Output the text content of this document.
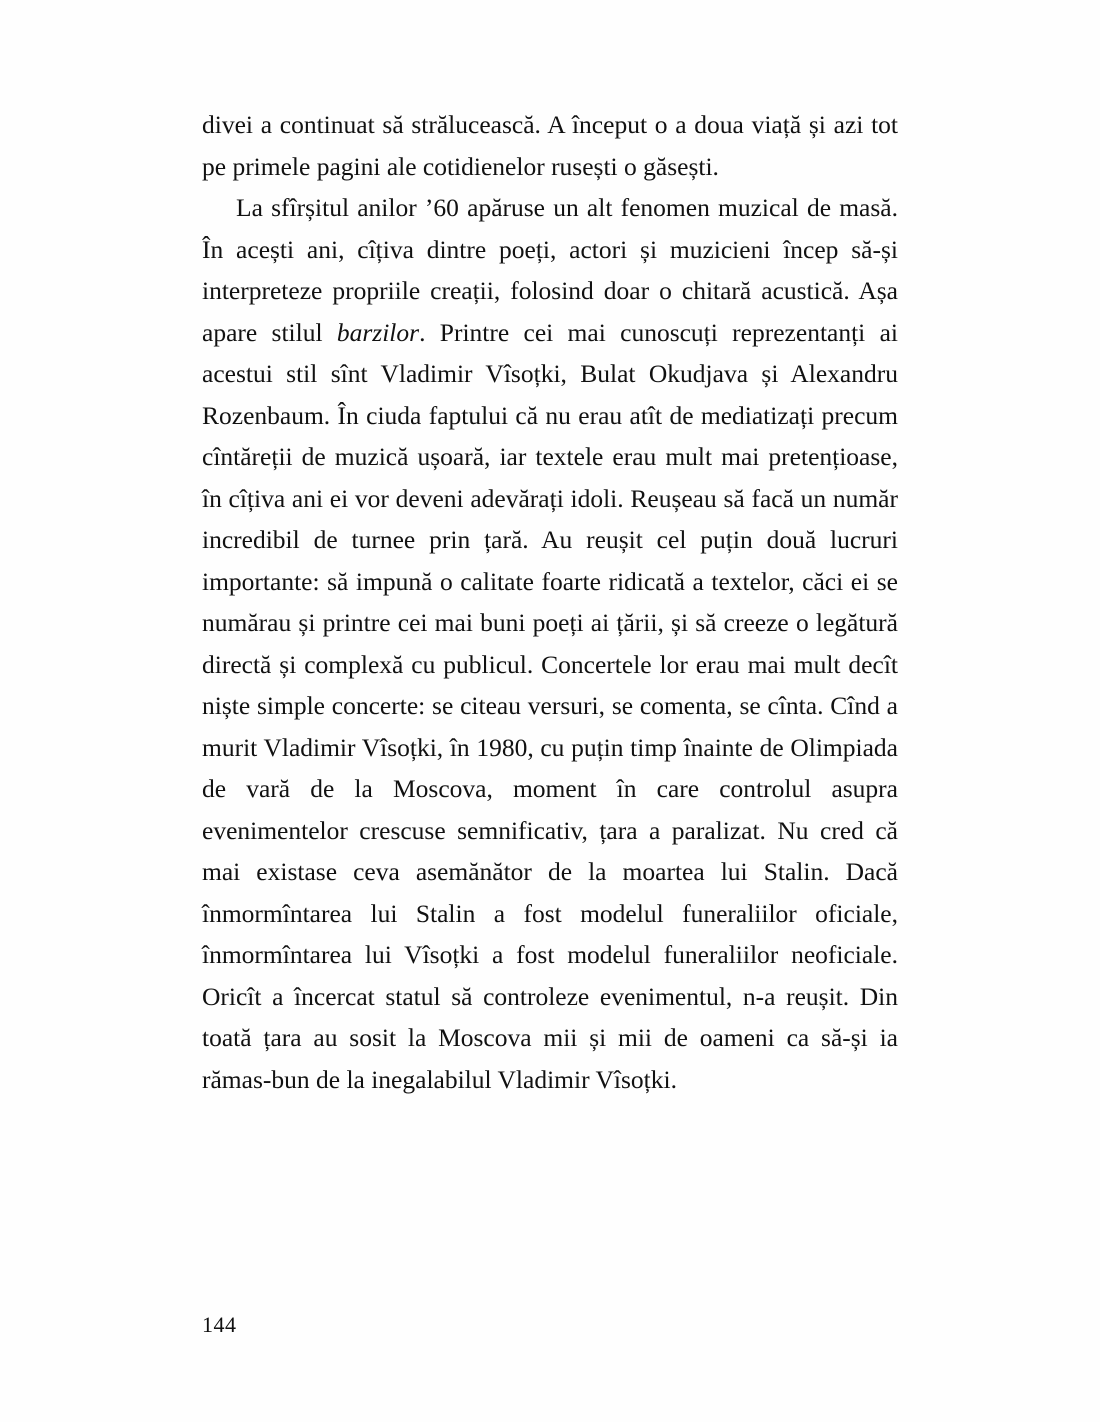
divei a continuat să strălucească. A început o a doua viață și azi tot pe primele pagini ale cotidienelor rusești o găsești.

La sfîrșitul anilor ’60 apăruse un alt fenomen muzical de masă. În acești ani, cîțiva dintre poeți, actori și muzicieni încep să-și interpreteze propriile creații, folosind doar o chitară acustică. Așa apare stilul barzilor. Printre cei mai cunoscuți reprezentanți ai acestui stil sînt Vladimir Vîsoțki, Bulat Okudjava și Alexandru Rozenbaum. În ciuda faptului că nu erau atît de mediatizați precum cîntăreții de muzică ușoară, iar textele erau mult mai pretențioase, în cîțiva ani ei vor deveni adevărați idoli. Reușeau să facă un număr incredibil de turnee prin țară. Au reușit cel puțin două lucruri importante: să impună o calitate foarte ridicată a textelor, căci ei se numărau și printre cei mai buni poeți ai țării, și să creeze o legătură directă și complexă cu publicul. Concertele lor erau mai mult decît niște simple concerte: se citeau versuri, se comenta, se cînta. Cînd a murit Vladimir Vîsoțki, în 1980, cu puțin timp înainte de Olimpiada de vară de la Moscova, moment în care controlul asupra evenimentelor crescuse semnificativ, țara a paralizat. Nu cred că mai existase ceva asemănător de la moartea lui Stalin. Dacă înmormîntarea lui Stalin a fost modelul funeraliilor oficiale, înmormîntarea lui Vîsoțki a fost modelul funeraliilor neoficiale. Oricît a încercat statul să controleze evenimentul, n-a reușit. Din toată țara au sosit la Moscova mii și mii de oameni ca să-și ia rămas-bun de la inegalabilul Vladimir Vîsoțki.

144
